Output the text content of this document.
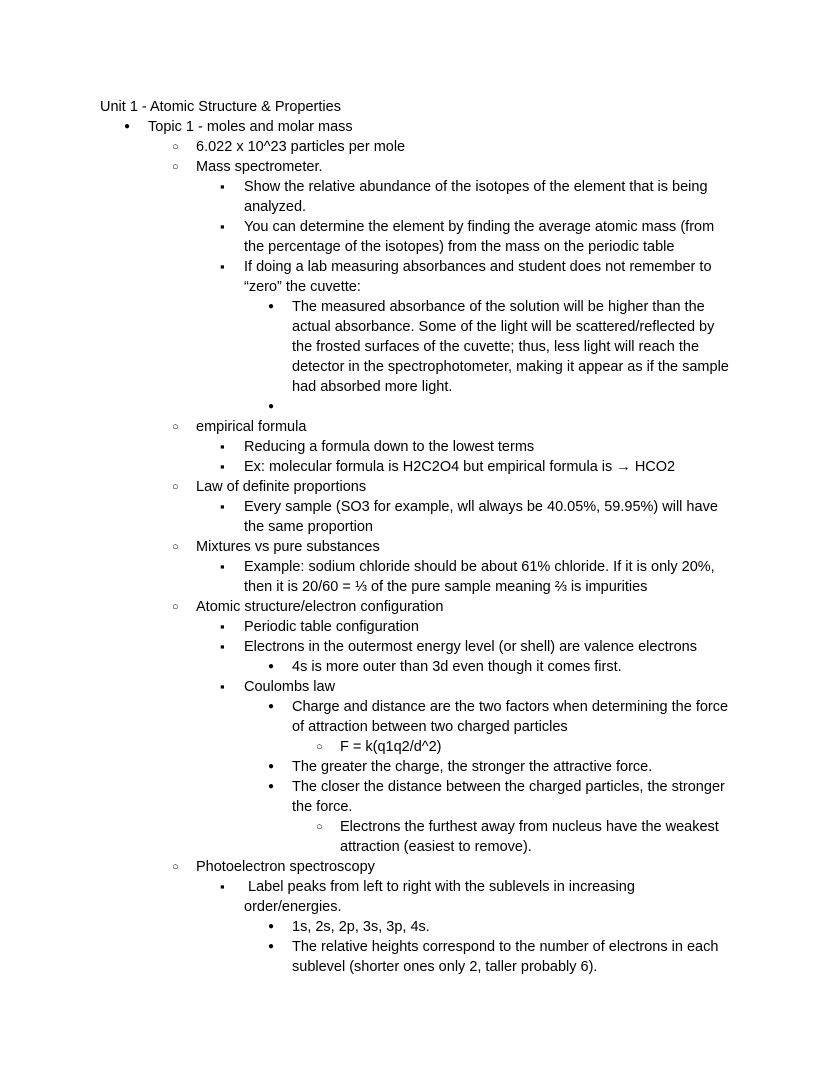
Unit 1 - Atomic Structure & Properties
●	Topic 1 - moles and molar mass
○	6.022 x 10^23 particles per mole
○	Mass spectrometer.
▪	Show the relative abundance of the isotopes of the element that is being analyzed.
▪	You can determine the element by finding the average atomic mass (from the percentage of the isotopes) from the mass on the periodic table
▪	If doing a lab measuring absorbances and student does not remember to “zero” the cuvette:
●	The measured absorbance of the solution will be higher than the actual absorbance. Some of the light will be scattered/reflected by the frosted surfaces of the cuvette; thus, less light will reach the detector in the spectrophotometer, making it appear as if the sample had absorbed more light.
●
○	empirical formula
▪	Reducing a formula down to the lowest terms
▪	Ex: molecular formula is H2C2O4 but empirical formula is → HCO2
○	Law of definite proportions
▪	Every sample (SO3 for example, wll always be 40.05%, 59.95%) will have the same proportion
○	Mixtures vs pure substances
▪	Example: sodium chloride should be about 61% chloride. If it is only 20%, then it is 20/60 = ⅓ of the pure sample meaning ⅔ is impurities
○	Atomic structure/electron configuration
▪	Periodic table configuration
▪	Electrons in the outermost energy level (or shell) are valence electrons
●	4s is more outer than 3d even though it comes first.
▪	Coulombs law
●	Charge and distance are the two factors when determining the force of attraction between two charged particles
○	F = k(q1q2/d^2)
●	The greater the charge, the stronger the attractive force.
●	The closer the distance between the charged particles, the stronger the force.
○	Electrons the furthest away from nucleus have the weakest attraction (easiest to remove).
○	Photoelectron spectroscopy
▪	Label peaks from left to right with the sublevels in increasing order/energies.
●	1s, 2s, 2p, 3s, 3p, 4s.
●	The relative heights correspond to the number of electrons in each sublevel (shorter ones only 2, taller probably 6).
